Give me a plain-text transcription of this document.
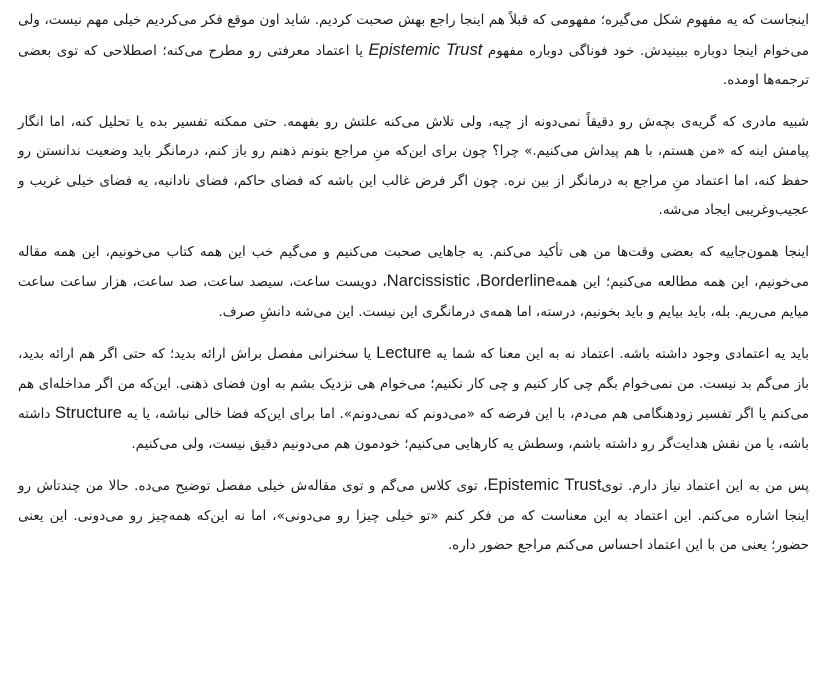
اینجاست که یه مفهوم شکل می‌گیره؛ مفهومی که قبلاً هم اینجا راجع بهش صحبت کردیم. شاید اون موقع فکر می‌کردیم خیلی مهم نیست، ولی می‌خوام اینجا دوباره ببینیدش. خود فوناگی دوباره مفهوم Epistemic Trust یا اعتماد معرفتی رو مطرح می‌کنه؛ اصطلاحی که توی بعضی ترجمه‌ها اومده.

شبیه مادری که گریه‌ی بچه‌ش رو دقیقاً نمی‌دونه از چیه، ولی تلاش می‌کنه علتش رو بفهمه. حتی ممکنه تفسیر بده یا تحلیل کنه، اما انگار پیامش اینه که «من هستم، با هم پیداش می‌کنیم.» چرا؟ چون برای این‌که منِ مراجع بتونم ذهنم رو باز کنم، درمانگر باید وضعیت ندانستن رو حفظ کنه، اما اعتماد منِ مراجع به درمانگر از بین نره. چون اگر فرض غالب این باشه که فضای حاکم، فضای نادانیه، یه فضای خیلی غریب و عجیب‌وغریبی ایجاد می‌شه.

اینجا همون‌جاییه که بعضی وقت‌ها من هی تأکید می‌کنم. یه جاهایی صحبت می‌کنیم و می‌گیم خب این همه کتاب می‌خونیم، این همه مقاله می‌خونیم، این همه مطالعه می‌کنیم؛ این همهBorderline، Narcissistic، دویست ساعت، سیصد ساعت، صد ساعت، هزار ساعت ساعت میایم می‌ریم. بله، باید بیایم و باید بخونیم، درسته، اما همه‌ی درمانگری این نیست. این می‌شه دانشِ صرف.

باید یه اعتمادی وجود داشته باشه. اعتماد نه به این معنا که شما یه Lecture یا سخنرانی مفصل براش ارائه بدید؛ که حتی اگر هم ارائه بدید، باز می‌گم بد نیست. من نمی‌خوام بگم چی کار کنیم و چی کار نکنیم؛ می‌خوام هی نزدیک بشم به اون فضای ذهنی. این‌که من اگر مداخله‌ای هم می‌کنم یا اگر تفسیر زودهنگامی هم می‌دم، با این فرضه که «می‌دونم که نمی‌دونم». اما برای این‌که فضا خالی نباشه، یا یه Structure داشته باشه، یا من نقش هدایت‌گر رو داشته باشم، وسطش یه کارهایی می‌کنیم؛ خودمون هم می‌دونیم دقیق نیست، ولی می‌کنیم.

پس من به این اعتماد نیاز دارم. تویEpistemic Trust، توی کلاس می‌گم و توی مقاله‌ش خیلی مفصل توضیح می‌ده. حالا من چندتاش رو اینجا اشاره می‌کنم. این اعتماد به این معناست که من فکر کنم «تو خیلی چیزا رو می‌دونی»، اما نه این‌که همه‌چیز رو می‌دونی. این یعنی حضور؛ یعنی من با این اعتماد احساس می‌کنم مراجع حضور داره.
